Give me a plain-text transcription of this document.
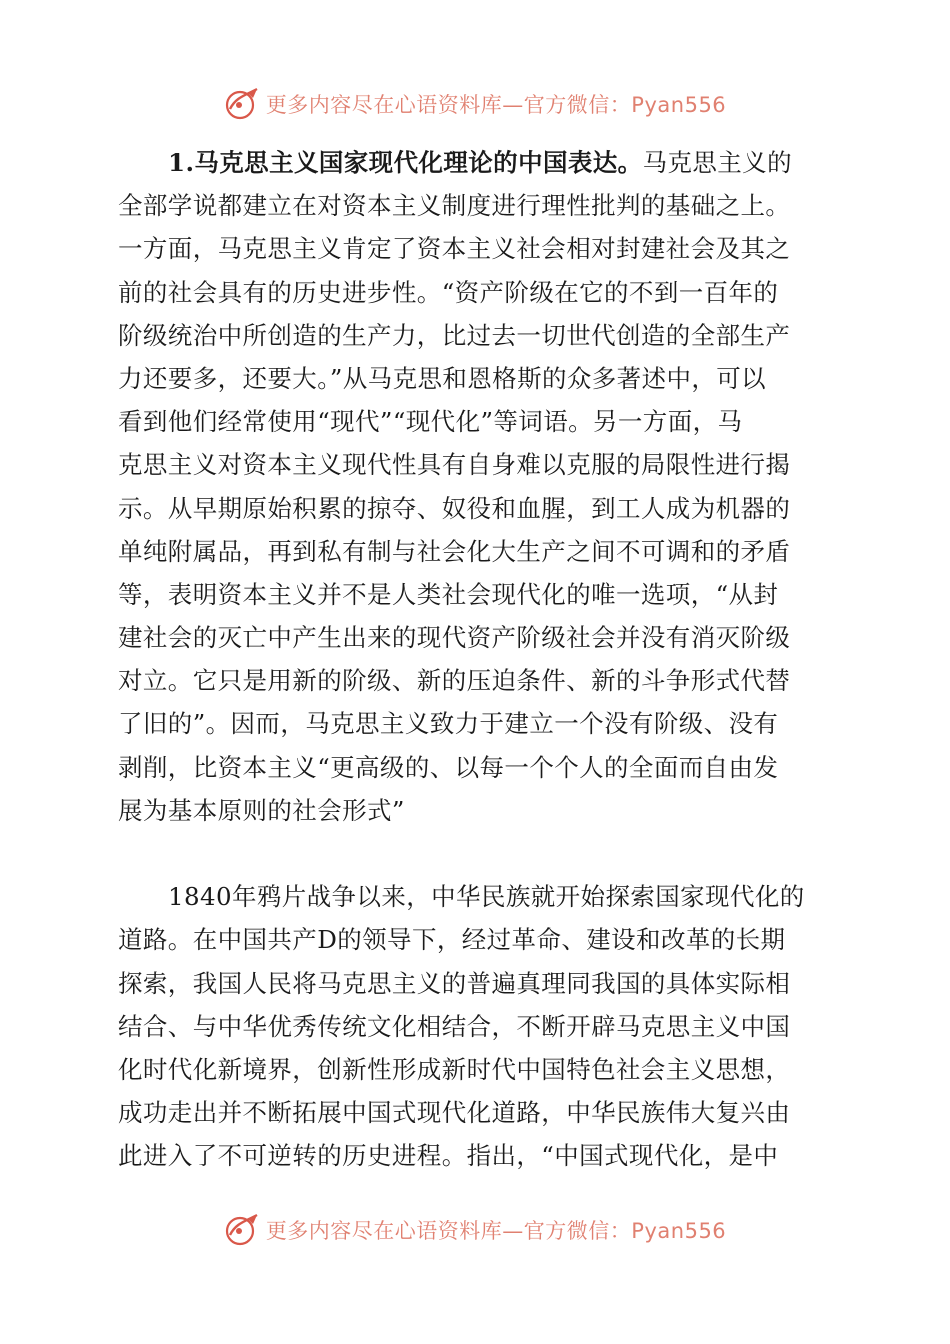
更多内容尽在心语资料库—官方微信：Pyan556
1.马克思主义国家现代化理论的中国表达。马克思主义的
全部学说都建立在对资本主义制度进行理性批判的基础之上。
一方面，马克思主义肯定了资本主义社会相对封建社会及其之
前的社会具有的历史进步性。“资产阶级在它的不到一百年的
阶级统治中所创造的生产力，比过去一切世代创造的全部生产
力还要多，还要大。”从马克思和恩格斯的众多著述中，可以
看到他们经常使用“现代”“现代化”等词语。另一方面，马
克思主义对资本主义现代性具有自身难以克服的局限性进行揭
示。从早期原始积累的掠夺、奴役和血腥，到工人成为机器的
单纯附属品，再到私有制与社会化大生产之间不可调和的矛盾
等，表明资本主义并不是人类社会现代化的唯一选项，“从封
建社会的灭亡中产生出来的现代资产阶级社会并没有消灭阶级
对立。它只是用新的阶级、新的压迫条件、新的斗争形式代替
了旧的”。因而，马克思主义致力于建立一个没有阶级、没有
剥削，比资本主义“更高级的、以每一个个人的全面而自由发
展为基本原则的社会形式”
1840年鸦片战争以来，中华民族就开始探索国家现代化的
道路。在中国共产D的领导下，经过革命、建设和改革的长期
探索，我国人民将马克思主义的普遍真理同我国的具体实际相
结合、与中华优秀传统文化相结合，不断开辟马克思主义中国
化时代化新境界，创新性形成新时代中国特色社会主义思想，
成功走出并不断拓展中国式现代化道路，中华民族伟大复兴由
此进入了不可逆转的历史进程。指出，“中国式现代化，是中
更多内容尽在心语资料库—官方微信：Pyan556
